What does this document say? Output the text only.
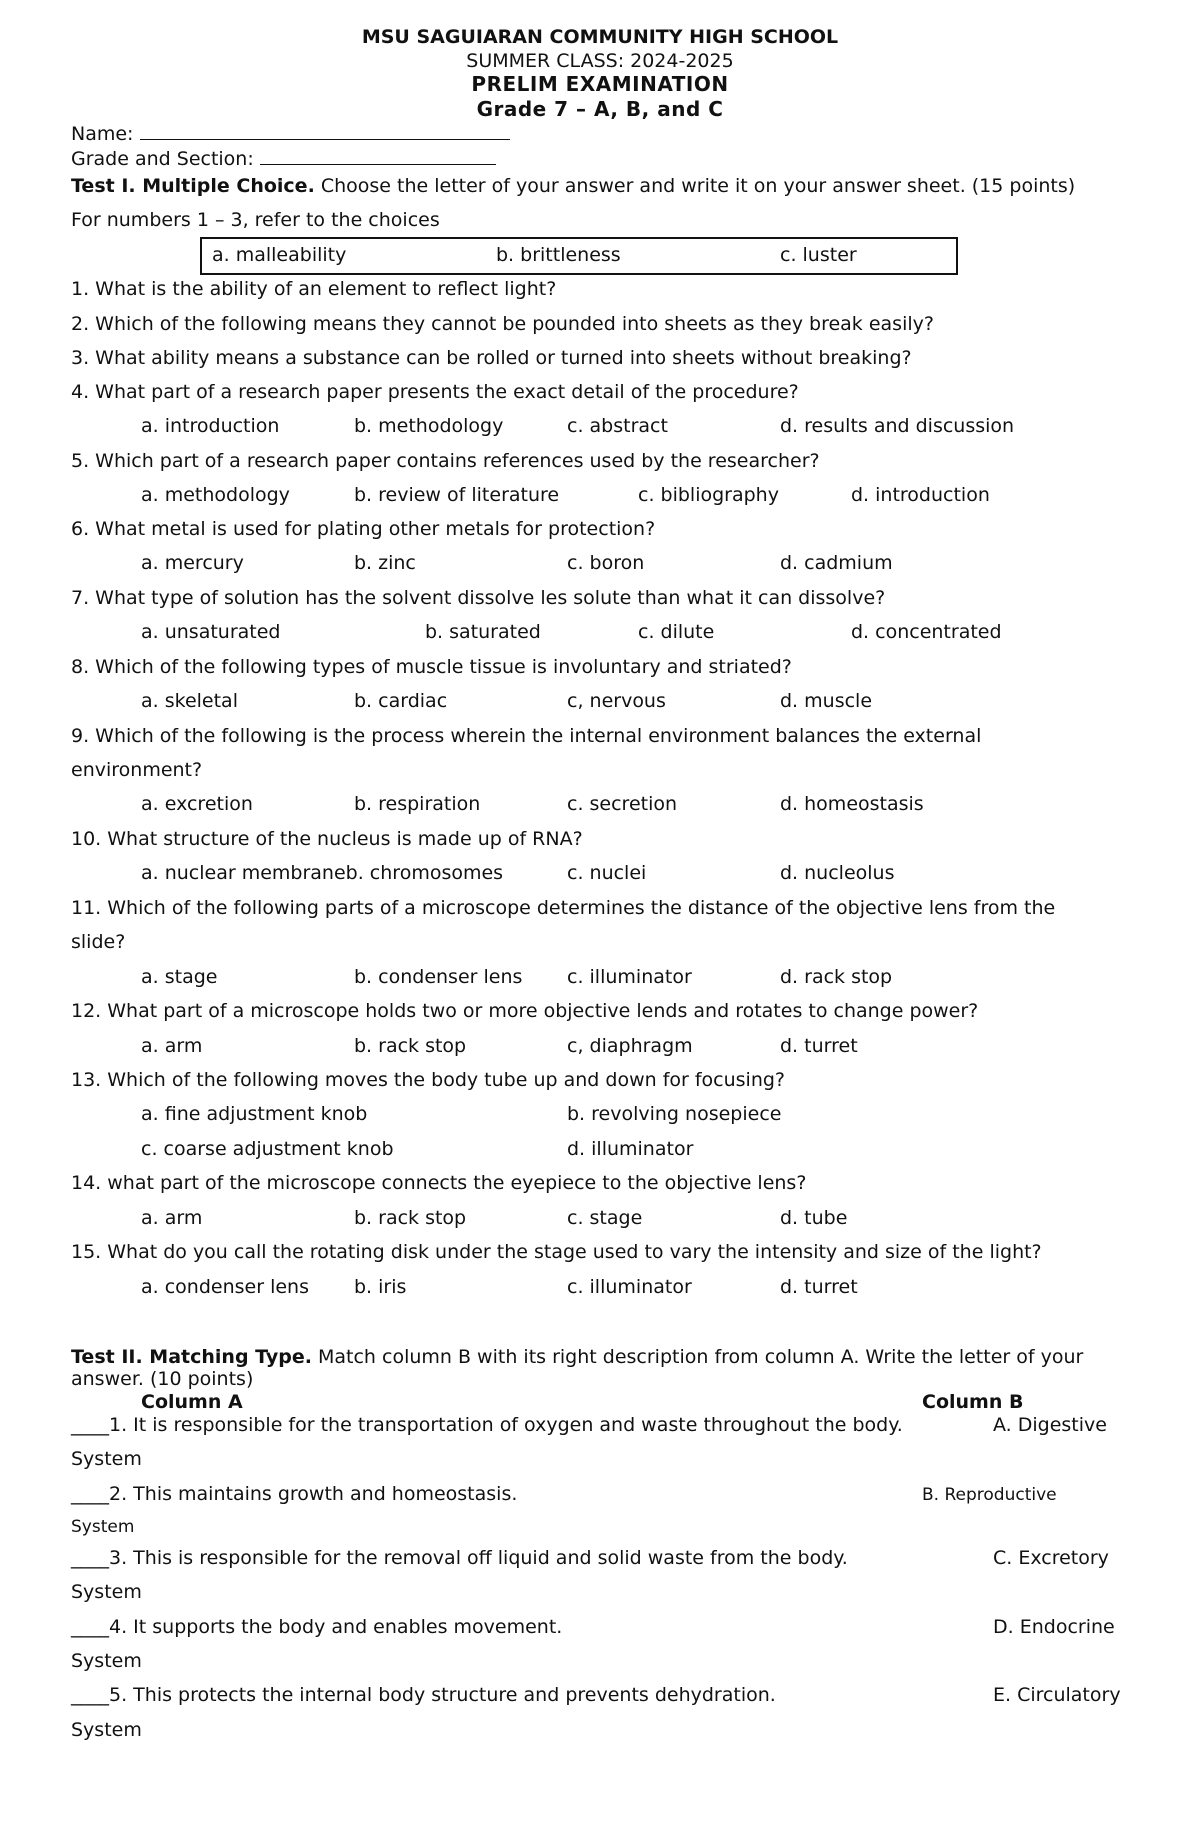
MSU SAGUIARAN COMMUNITY HIGH SCHOOL
SUMMER CLASS: 2024-2025
PRELIM EXAMINATION
Grade 7 – A, B, and C
Name:
Grade and Section:
Test I. Multiple Choice. Choose the letter of your answer and write it on your answer sheet. (15 points)
For numbers 1 – 3, refer to the choices
a. malleability	b. brittleness	c. luster
1. What is the ability of an element to reflect light?
2. Which of the following means they cannot be pounded into sheets as they break easily?
3. What ability means a substance can be rolled or turned into sheets without breaking?
4. What part of a research paper presents the exact detail of the procedure?
a. introduction	b. methodology	c. abstract	d. results and discussion
5. Which part of a research paper contains references used by the researcher?
a. methodology	b. review of literature	c. bibliography	d. introduction
6. What metal is used for plating other metals for protection?
a. mercury	b. zinc	c. boron	d. cadmium
7. What type of solution has the solvent dissolve les solute than what it can dissolve?
a. unsaturated	b. saturated	c. dilute	d. concentrated
8. Which of the following types of muscle tissue is involuntary and striated?
a. skeletal	b. cardiac	c, nervous	d. muscle
9. Which of the following is the process wherein the internal environment balances the external
environment?
a. excretion	b. respiration	c. secretion	d. homeostasis
10. What structure of the nucleus is made up of RNA?
a. nuclear membraneb. chromosomes	c. nuclei	d. nucleolus
11. Which of the following parts of a microscope determines the distance of the objective lens from the
slide?
a. stage	b. condenser lens c. illuminator	d. rack stop
12. What part of a microscope holds two or more objective lends and rotates to change power?
a. arm	b. rack stop	c, diaphragm	d. turret
13. Which of the following moves the body tube up and down for focusing?
a. fine adjustment knob	b. revolving nosepiece
c. coarse adjustment knob	d. illuminator
14. what part of the microscope connects the eyepiece to the objective lens?
a. arm	b. rack stop	c. stage	d. tube
15. What do you call the rotating disk under the stage used to vary the intensity and size of the light?
a. condenser lens b. iris	c. illuminator	d. turret
Test II. Matching Type. Match column B with its right description from column A. Write the letter of your
answer. (10 points)
Column A	Column B
____1. It is responsible for the transportation of oxygen and waste throughout the body.	A. Digestive
System
____2. This maintains growth and homeostasis.	B. Reproductive
System
____3. This is responsible for the removal off liquid and solid waste from the body.	C. Excretory
System
____4. It supports the body and enables movement.	D. Endocrine
System
____5. This protects the internal body structure and prevents dehydration.	E. Circulatory
System
